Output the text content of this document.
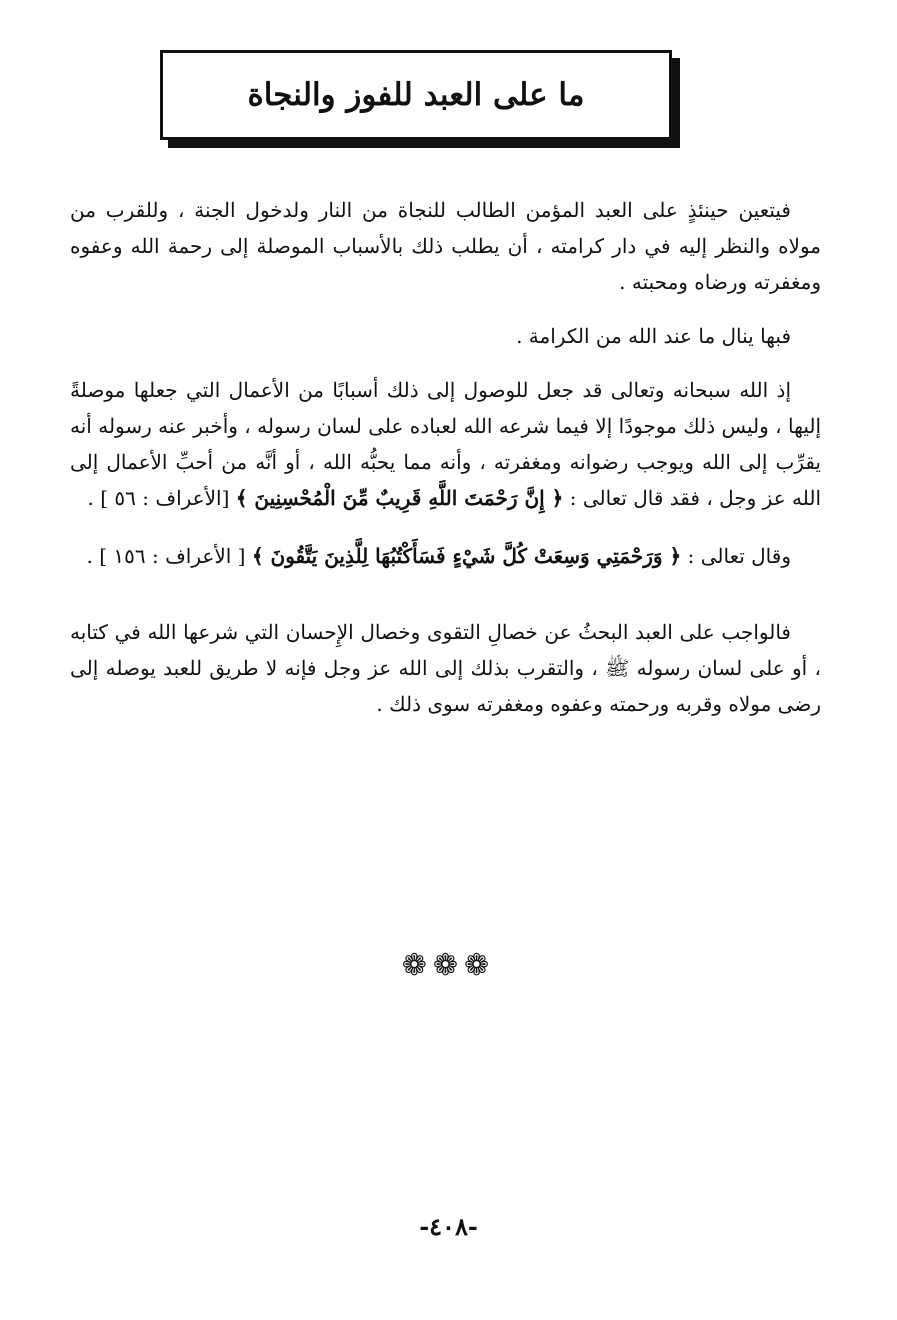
ما على العبد للفوز والنجاة

فيتعين حينئذٍ على العبد المؤمن الطالب للنجاة من النار ولدخول الجنة ، وللقرب من مولاه والنظر إليه في دار كرامته ، أن يطلب ذلك بالأسباب الموصلة إلى رحمة الله وعفوه ومغفرته ورضاه ومحبته .

فبها ينال ما عند الله من الكرامة .

إذ الله سبحانه وتعالى قد جعل للوصول إلى ذلك أسبابًا من الأعمال التي جعلها موصلةً إليها ، وليس ذلك موجودًا إلا فيما شرعه الله لعباده على لسان رسوله ، وأخبر عنه رسوله أنه يقرِّب إلى الله ويوجب رضوانه ومغفرته ، وأنه مما يحبُّه الله ، أو أنَّه من أحبِّ الأعمال إلى الله عز وجل ، فقد قال تعالى : ﴿ إِنَّ رَحْمَتَ اللَّهِ قَرِيبٌ مِّنَ الْمُحْسِنِينَ ﴾ [الأعراف : ٥٦ ] .

وقال تعالى : ﴿ وَرَحْمَتِي وَسِعَتْ كُلَّ شَيْءٍ فَسَأَكْتُبُهَا لِلَّذِينَ يَتَّقُونَ ﴾ [ الأعراف : ١٥٦ ] .

فالواجب على العبد البحثُ عن خصالِ التقوى وخصال الإِحسان التي شرعها الله في كتابه ، أو على لسان رسوله ﷺ ، والتقرب بذلك إلى الله عز وجل فإنه لا طريق للعبد يوصله إلى رضى مولاه وقربه ورحمته وعفوه ومغفرته سوى ذلك .

❁❁❁
-٤٠٨-
